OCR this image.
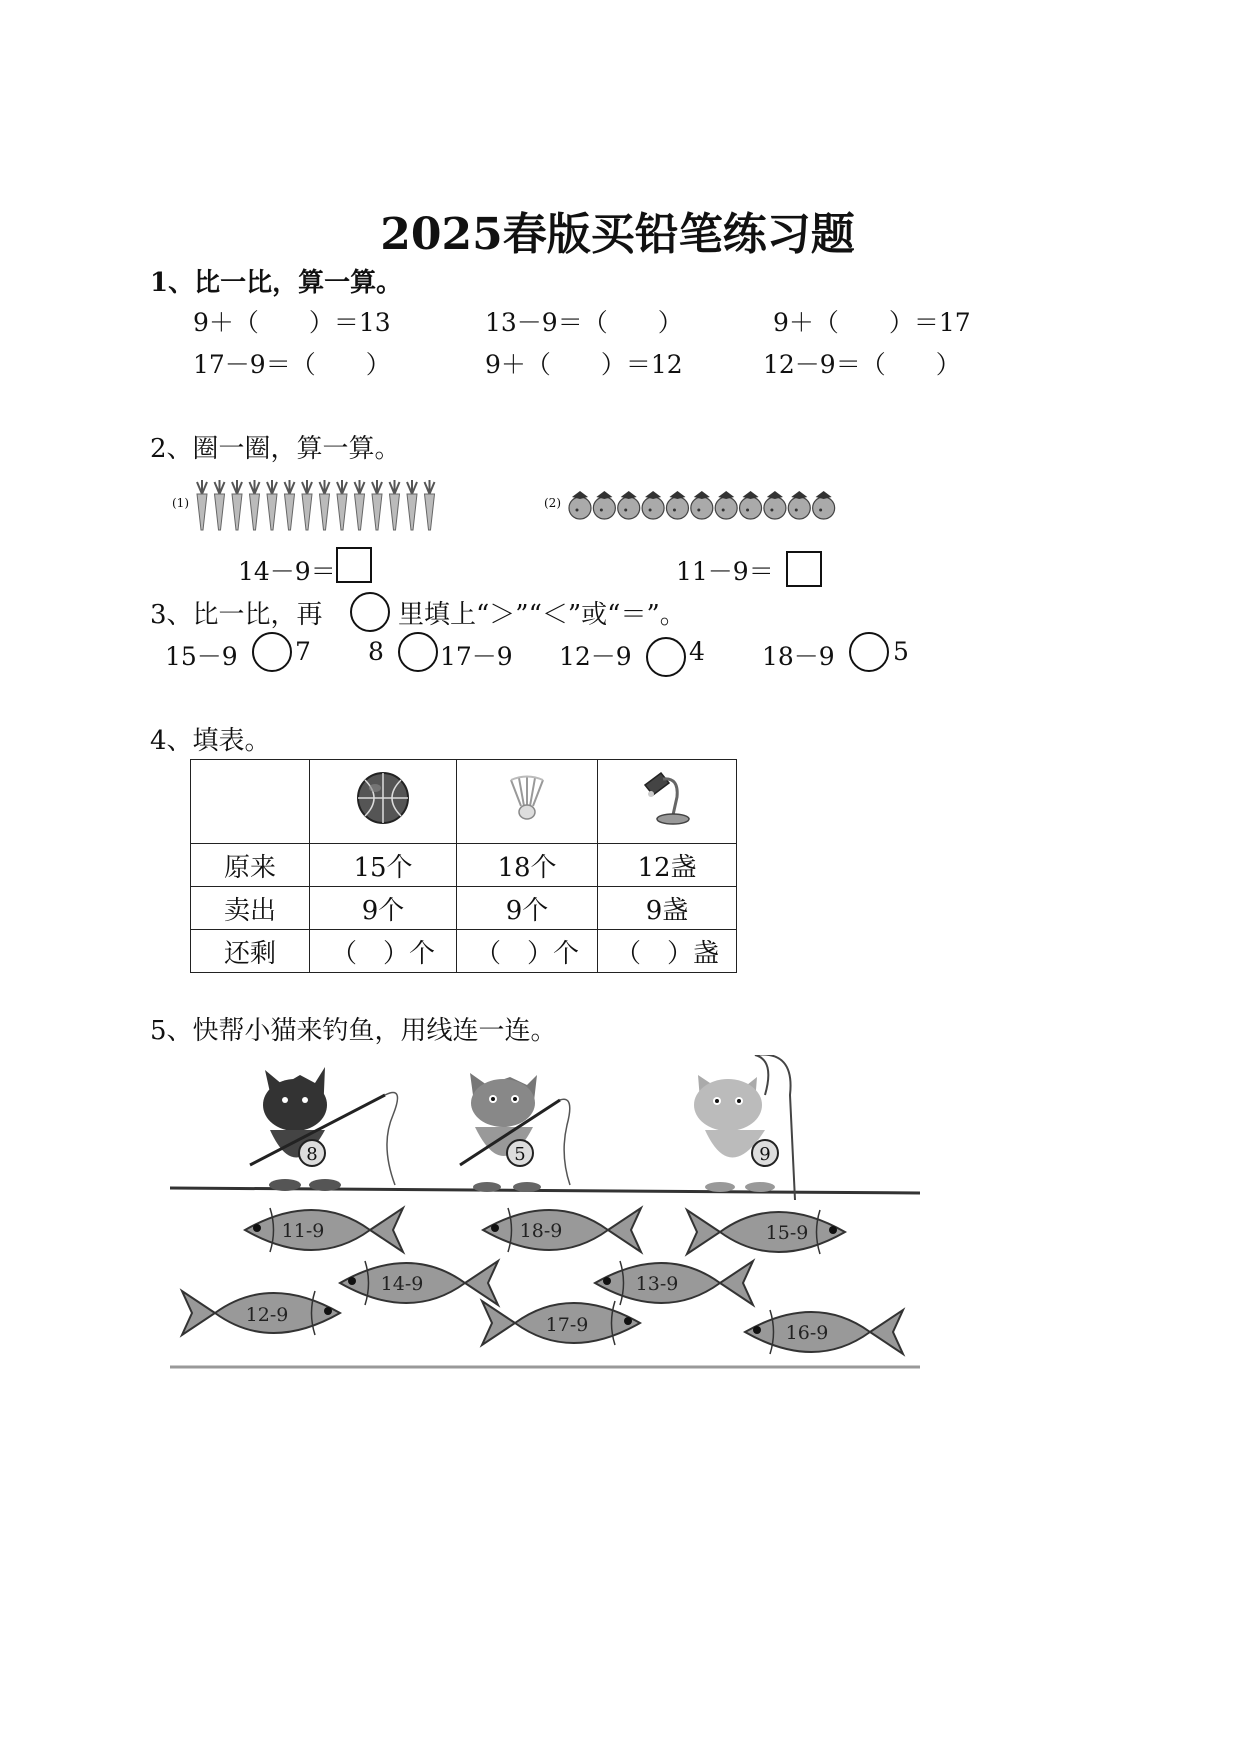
2025春版买铅笔练习题
1、比一比，算一算。
9＋（　　）＝13	13－9＝（　　）	9＋（　　）＝17
17－9＝（　　）	9＋（　　）＝12	12－9＝（　　）
2、圈一圈，算一算。
(1)	(2)
14－9＝	11－9＝
3、比一比，再	里填上“＞”“＜”或“＝”。
15－9 7 8 17－9 12－9 4 18－9 5
4、填表。

原来	15个	18个	12盏
卖出	9个	9个	9盏
还剩	（　）个	（　）个	（　）盏
5、快帮小猫来钓鱼，用线连一连。
8	5	9
11-9	18-9	15-9
14-9	13-9
12-9	17-9	16-9
